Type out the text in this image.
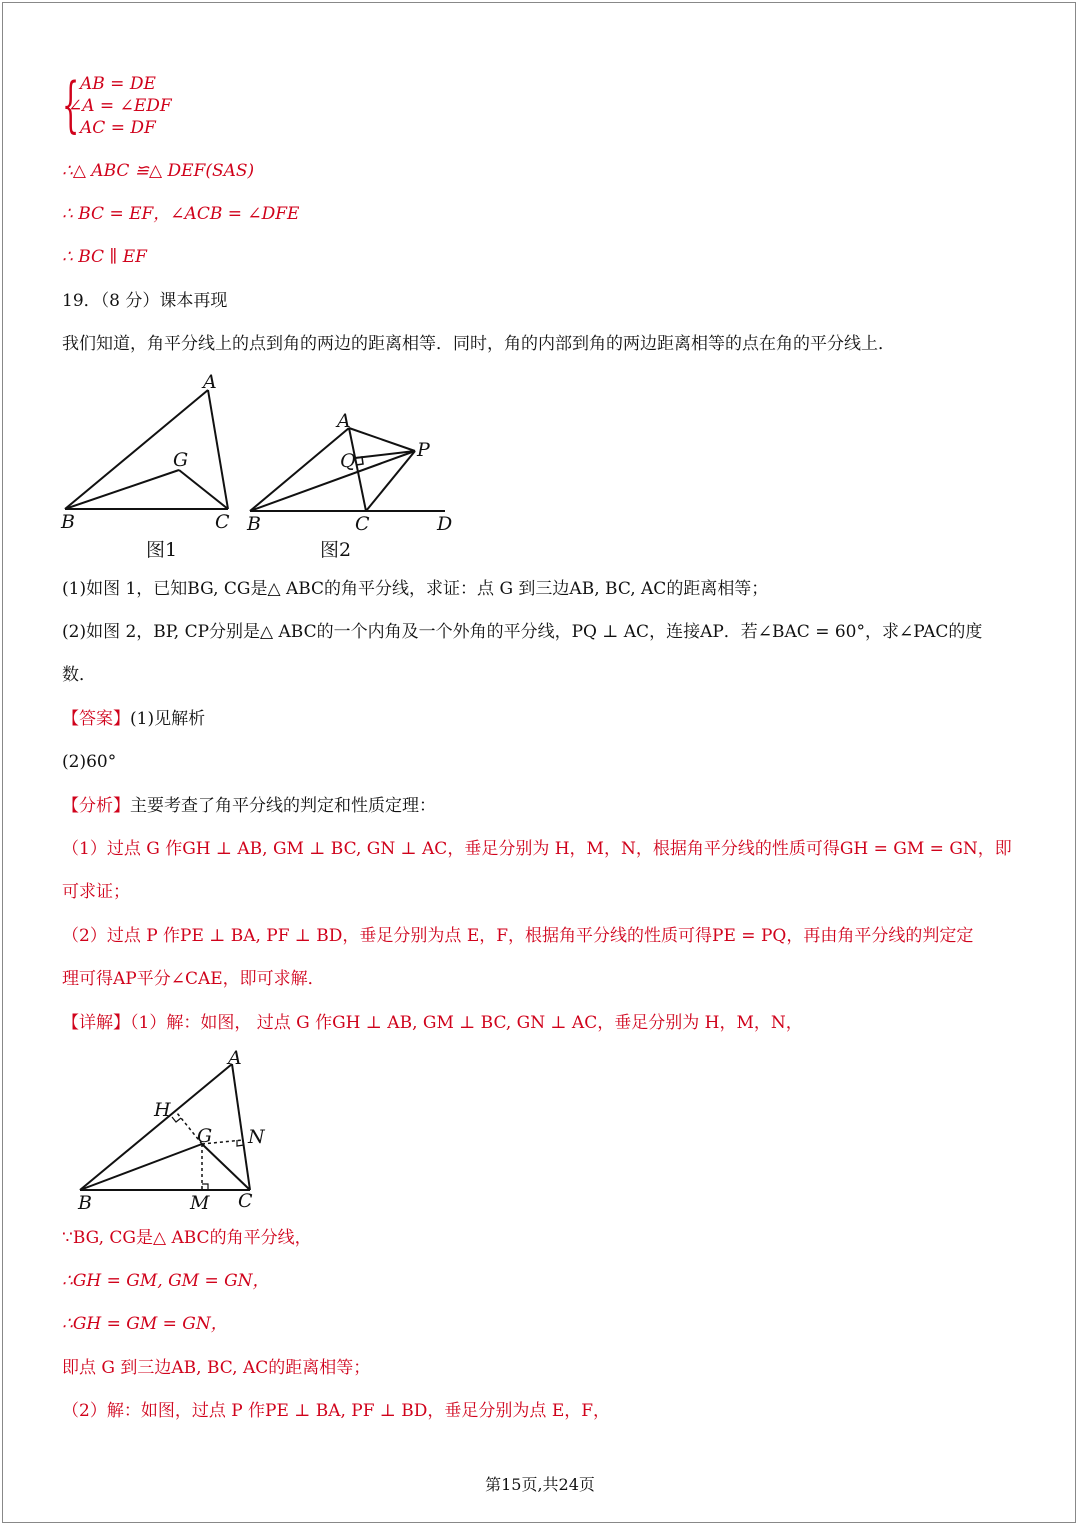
{ AB = DE
∠A = ∠EDF
AC = DF
∴△ ABC ≌△ DEF(SAS)
∴ BC = EF，∠ACB = ∠DFE
∴ BC ∥ EF
19．（8 分）课本再现
我们知道，角平分线上的点到角的两边的距离相等．同时，角的内部到角的两边距离相等的点在角的平分线上．
A
G
B	C
图1
A
Q	P
B	C	D
图2
(1)如图 1，已知BG, CG是△ ABC的角平分线，求证：点 G 到三边AB, BC, AC的距离相等；
(2)如图 2，BP, CP分别是△ ABC的一个内角及一个外角的平分线，PQ ⊥ AC，连接AP．若∠BAC = 60°，求∠PAC的度
数．
【答案】(1)见解析
(2)60°
【分析】主要考查了角平分线的判定和性质定理：
（1）过点 G 作GH ⊥ AB, GM ⊥ BC, GN ⊥ AC，垂足分别为 H，M，N，根据角平分线的性质可得GH = GM = GN，即
可求证；
（2）过点 P 作PE ⊥ BA, PF ⊥ BD，垂足分别为点 E，F，根据角平分线的性质可得PE = PQ，再由角平分线的判定定
理可得AP平分∠CAE，即可求解．
【详解】（1）解：如图， 过点 G 作GH ⊥ AB, GM ⊥ BC, GN ⊥ AC，垂足分别为 H，M，N，
A
H
G N
B	M C
∵BG, CG是△ ABC的角平分线，
∴GH = GM, GM = GN，
∴GH = GM = GN，
即点 G 到三边AB, BC, AC的距离相等；
（2）解：如图，过点 P 作PE ⊥ BA, PF ⊥ BD，垂足分别为点 E，F，
第15页,共24页
